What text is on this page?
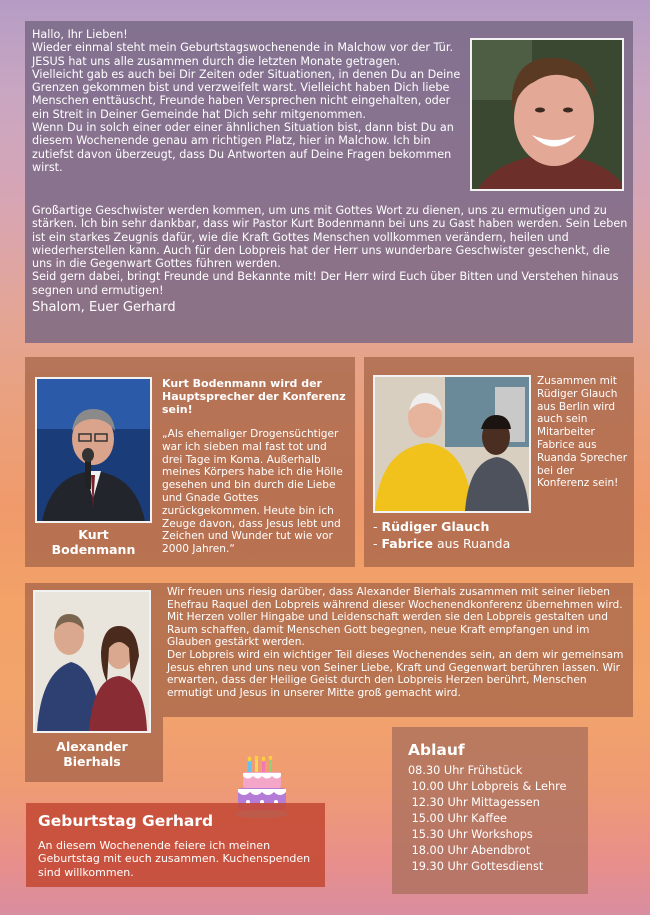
Hallo, Ihr Lieben!

Wieder einmal steht mein Geburtstagswochenende in Malchow vor der Tür. JESUS hat uns alle zusammen durch die letzten Monate getragen.

Vielleicht gab es auch bei Dir Zeiten oder Situationen, in denen Du an Deine Grenzen gekommen bist und verzweifelt warst. Vielleicht haben Dich liebe Menschen enttäuscht, Freunde haben Versprechen nicht eingehalten, oder ein Streit in Deiner Gemeinde hat Dich sehr mitgenommen.

Wenn Du in solch einer oder einer ähnlichen Situation bist, dann bist Du an diesem Wochenende genau am richtigen Platz, hier in Malchow. Ich bin zutiefst davon überzeugt, dass Du Antworten auf Deine Fragen bekommen wirst.

Großartige Geschwister werden kommen, um uns mit Gottes Wort zu dienen, uns zu ermutigen und zu stärken. Ich bin sehr dankbar, dass wir Pastor Kurt Bodenmann bei uns zu Gast haben werden. Sein Leben ist ein starkes Zeugnis dafür, wie die Kraft Gottes Menschen vollkommen verändern, heilen und wiederherstellen kann. Auch für den Lobpreis hat der Herr uns wunderbare Geschwister geschenkt, die uns in die Gegenwart Gottes führen werden.

Seid gern dabei, bringt Freunde und Bekannte mit! Der Herr wird Euch über Bitten und Verstehen hinaus segnen und ermutigen!

Shalom, Euer Gerhard

Kurt
Bodenmann

Kurt Bodenmann wird der Hauptsprecher der Konferenz sein!

„Als ehemaliger Drogensüchtiger war ich sieben mal fast tot und drei Tage im Koma. Außerhalb meines Körpers habe ich die Hölle gesehen und bin durch die Liebe und Gnade Gottes zurückgekommen. Heute bin ich Zeuge davon, dass Jesus lebt und Zeichen und Wunder tut wie vor 2000 Jahren.“

Zusammen mit Rüdiger Glauch aus Berlin wird auch sein Mitarbeiter Fabrice aus Ruanda Sprecher bei der Konferenz sein!

- Rüdiger Glauch
- Fabrice aus Ruanda
Alexander
Bierhals

Wir freuen uns riesig darüber, dass Alexander Bierhals zusammen mit seiner lieben Ehefrau Raquel den Lobpreis während dieser Wochenendkonferenz übernehmen wird. Mit Herzen voller Hingabe und Leidenschaft werden sie den Lobpreis gestalten und Raum schaffen, damit Menschen Gott begegnen, neue Kraft empfangen und im Glauben gestärkt werden.

Der Lobpreis wird ein wichtiger Teil dieses Wochenendes sein, an dem wir gemeinsam Jesus ehren und uns neu von Seiner Liebe, Kraft und Gegenwart berühren lassen. Wir erwarten, dass der Heilige Geist durch den Lobpreis Herzen berührt, Menschen ermutigt und Jesus in unserer Mitte groß gemacht wird.

Geburtstag Gerhard

An diesem Wochenende feiere ich meinen Geburtstag mit euch zusammen. Kuchenspenden sind willkommen.

Ablauf
08.30 Uhr Frühstück
10.00 Uhr Lobpreis & Lehre
12.30 Uhr Mittagessen
15.00 Uhr Kaffee
15.30 Uhr Workshops
18.00 Uhr Abendbrot
19.30 Uhr Gottesdienst
